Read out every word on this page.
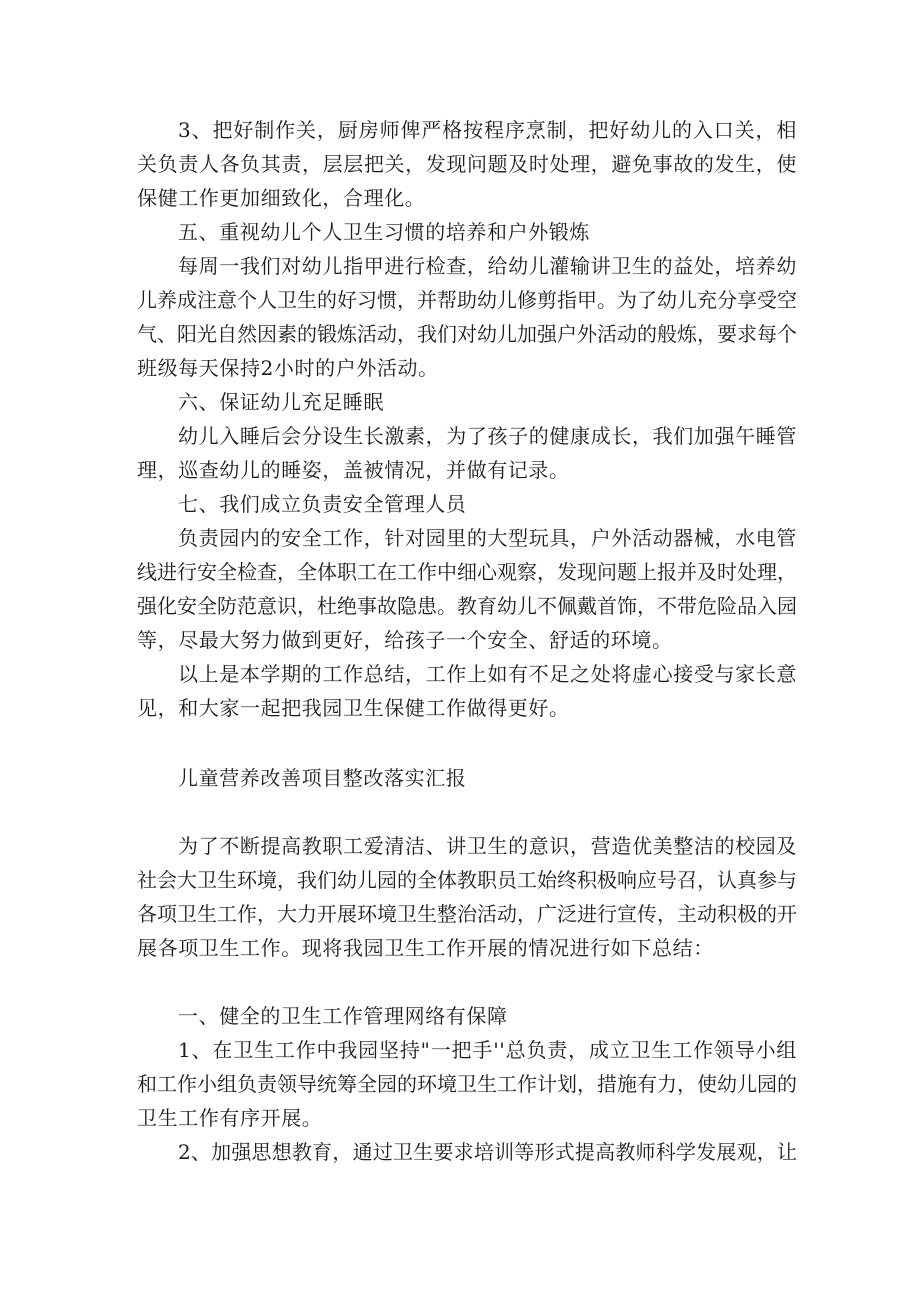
3、把好制作关，厨房师俾严格按程序烹制，把好幼儿的入口关，相
关负责人各负其责，层层把关，发现问题及时处理，避免事故的发生，使
保健工作更加细致化，合理化。
五、重视幼儿个人卫生习惯的培养和户外锻炼
每周一我们对幼儿指甲进行检查，给幼儿灌输讲卫生的益处，培养幼
儿养成注意个人卫生的好习惯，并帮助幼儿修剪指甲。为了幼儿充分享受空
气、阳光自然因素的锻炼活动，我们对幼儿加强户外活动的般炼，要求每个
班级每天保持2小时的户外活动。
六、保证幼儿充足睡眠
幼儿入睡后会分设生长激素，为了孩子的健康成长，我们加强午睡管
理，巡查幼儿的睡姿，盖被情况，并做有记录。
七、我们成立负责安全管理人员
负责园内的安全工作，针对园里的大型玩具，户外活动器械，水电管
线进行安全检查，全体职工在工作中细心观察，发现问题上报并及时处理，
强化安全防范意识，杜绝事故隐患。教育幼儿不佩戴首饰，不带危险品入园
等，尽最大努力做到更好，给孩子一个安全、舒适的环境。
以上是本学期的工作总结，工作上如有不足之处将虚心接受与家长意
见，和大家一起把我园卫生保健工作做得更好。
儿童营养改善项目整改落实汇报
为了不断提高教职工爱清洁、讲卫生的意识，营造优美整洁的校园及
社会大卫生环境，我们幼儿园的全体教职员工始终积极响应号召，认真参与
各项卫生工作，大力开展环境卫生整治活动，广泛进行宣传，主动积极的开
展各项卫生工作。现将我园卫生工作开展的情况进行如下总结：
一、健全的卫生工作管理网络有保障
1、在卫生工作中我园坚持"一把手''总负责，成立卫生工作领导小组
和工作小组负责领导统筹全园的环境卫生工作计划，措施有力，使幼儿园的
卫生工作有序开展。
2、加强思想教育，通过卫生要求培训等形式提高教师科学发展观，让
